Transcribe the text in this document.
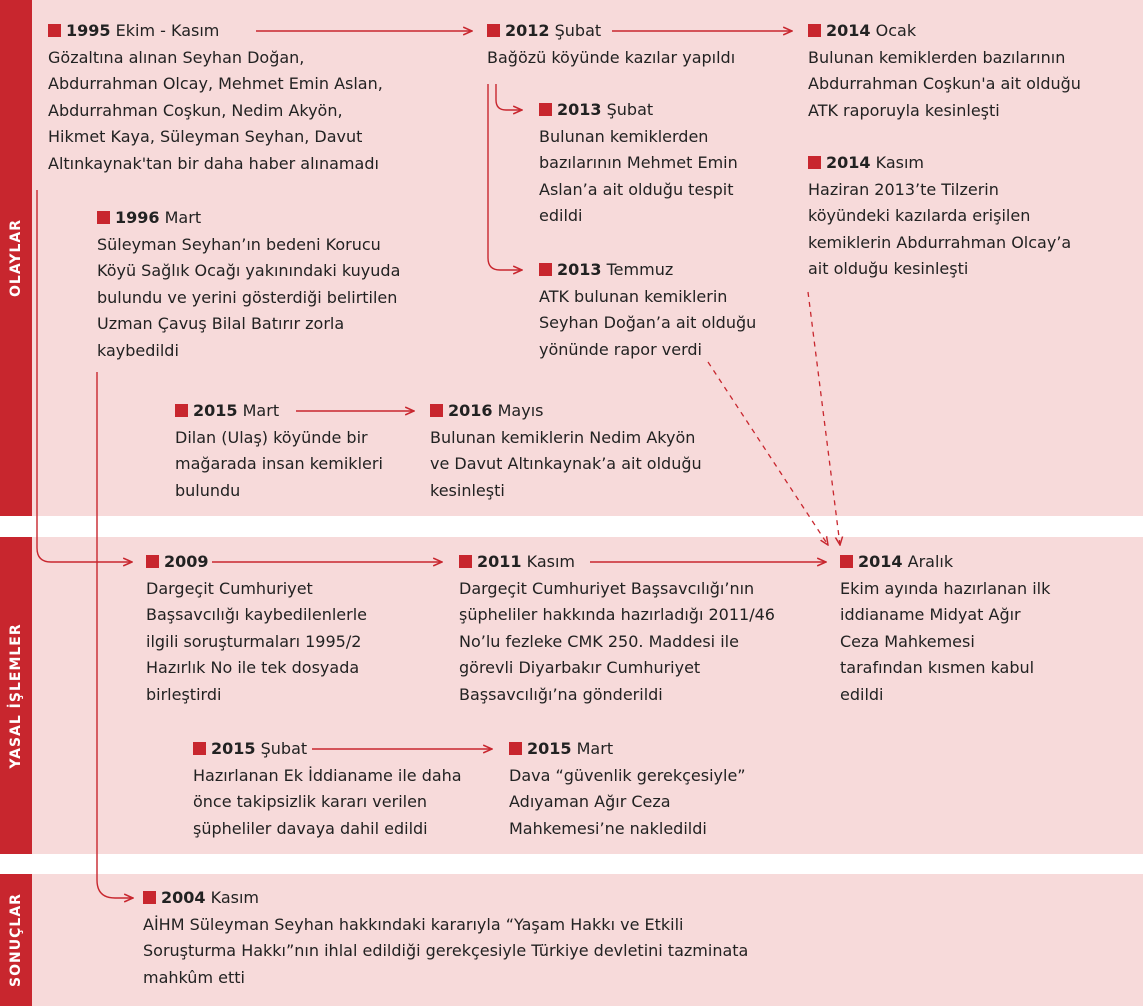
OLAYLAR
YASAL İŞLEMLER
SONUÇLAR
1995 Ekim - Kasım
Gözaltına alınan Seyhan Doğan,
Abdurrahman Olcay, Mehmet Emin Aslan,
Abdurrahman Coşkun, Nedim Akyön,
Hikmet Kaya, Süleyman Seyhan, Davut
Altınkaynak'tan bir daha haber alınamadı
1996 Mart
Süleyman Seyhan’ın bedeni Korucu
Köyü Sağlık Ocağı yakınındaki kuyuda
bulundu ve yerini gösterdiği belirtilen
Uzman Çavuş Bilal Batırır zorla
kaybedildi
2012 Şubat
Bağözü köyünde kazılar yapıldı
2013 Şubat
Bulunan kemiklerden
bazılarının Mehmet Emin
Aslan’a ait olduğu tespit
edildi
2013 Temmuz
ATK bulunan kemiklerin
Seyhan Doğan’a ait olduğu
yönünde rapor verdi
2014 Ocak
Bulunan kemiklerden bazılarının
Abdurrahman Coşkun'a ait olduğu
ATK raporuyla kesinleşti
2014 Kasım
Haziran 2013’te Tilzerin
köyündeki kazılarda erişilen
kemiklerin Abdurrahman Olcay’a
ait olduğu kesinleşti
2015 Mart
Dilan (Ulaş) köyünde bir
mağarada insan kemikleri
bulundu
2016 Mayıs
Bulunan kemiklerin Nedim Akyön
ve Davut Altınkaynak’a ait olduğu
kesinleşti
2009
Dargeçit Cumhuriyet
Başsavcılığı kaybedilenlerle
ilgili soruşturmaları 1995/2
Hazırlık No ile tek dosyada
birleştirdi
2011 Kasım
Dargeçit Cumhuriyet Başsavcılığı’nın
şüpheliler hakkında hazırladığı 2011/46
No’lu fezleke CMK 250. Maddesi ile
görevli Diyarbakır Cumhuriyet
Başsavcılığı’na gönderildi
2014 Aralık
Ekim ayında hazırlanan ilk
iddianame Midyat Ağır
Ceza Mahkemesi
tarafından kısmen kabul
edildi
2015 Şubat
Hazırlanan Ek İddianame ile daha
önce takipsizlik kararı verilen
şüpheliler davaya dahil edildi
2015 Mart
Dava “güvenlik gerekçesiyle”
Adıyaman Ağır Ceza
Mahkemesi’ne nakledildi
2004 Kasım
AİHM Süleyman Seyhan hakkındaki kararıyla “Yaşam Hakkı ve Etkili
Soruşturma Hakkı”nın ihlal edildiği gerekçesiyle Türkiye devletini tazminata
mahkûm etti
